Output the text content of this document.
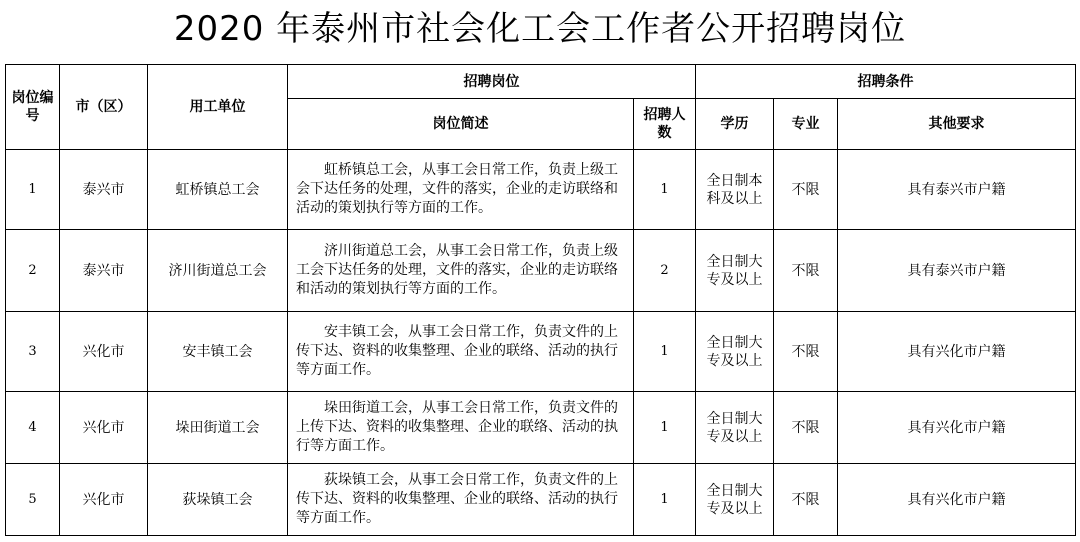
2020 年泰州市社会化工会工作者公开招聘岗位
岗位编号	市（区）	用工单位	招聘岗位		招聘条件		
			岗位简述	招聘人数	学历	专业	其他要求
1	泰兴市	虹桥镇总工会	虹桥镇总工会，从事工会日常工作，负责上级工会下达任务的处理，文件的落实，企业的走访联络和活动的策划执行等方面的工作。	1	全日制本科及以上	不限	具有泰兴市户籍
2	泰兴市	济川街道总工会	济川街道总工会，从事工会日常工作，负责上级工会下达任务的处理，文件的落实，企业的走访联络和活动的策划执行等方面的工作。	2	全日制大专及以上	不限	具有泰兴市户籍
3	兴化市	安丰镇工会	安丰镇工会，从事工会日常工作，负责文件的上传下达、资料的收集整理、企业的联络、活动的执行等方面工作。	1	全日制大专及以上	不限	具有兴化市户籍
4	兴化市	垛田街道工会	垛田街道工会，从事工会日常工作，负责文件的上传下达、资料的收集整理、企业的联络、活动的执行等方面工作。	1	全日制大专及以上	不限	具有兴化市户籍
5	兴化市	荻垛镇工会	荻垛镇工会，从事工会日常工作，负责文件的上传下达、资料的收集整理、企业的联络、活动的执行等方面工作。	1	全日制大专及以上	不限	具有兴化市户籍
